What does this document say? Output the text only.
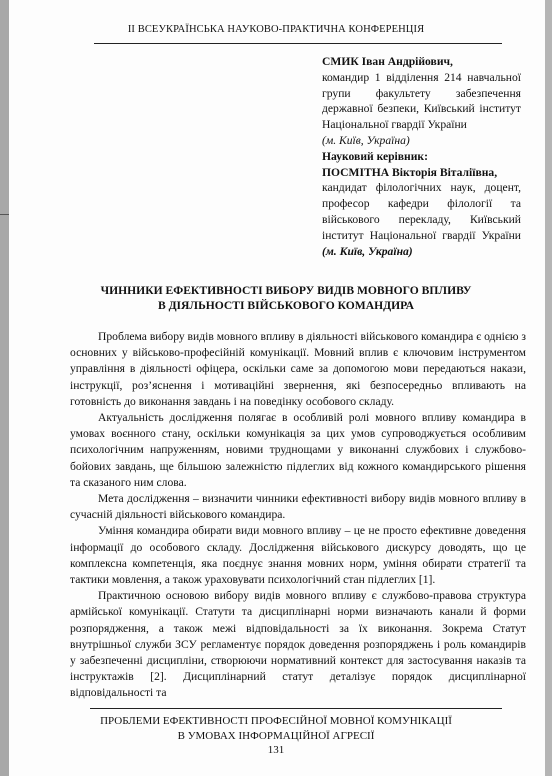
ІІ ВСЕУКРАЇНСЬКА НАУКОВО-ПРАКТИЧНА КОНФЕРЕНЦІЯ

СМИК Іван Андрійович,
командир 1 відділення 214 навчальної групи факультету забезпечення державної безпеки, Київський інститут Національної гвардії України
(м. Київ, Україна)

Науковий керівник:
ПОСМІТНА Вікторія Віталіївна,
кандидат філологічних наук, доцент, професор кафедри філології та військового перекладу, Київський інститут Національної гвардії України (м. Київ, Україна)

ЧИННИКИ ЕФЕКТИВНОСТІ ВИБОРУ ВИДІВ МОВНОГО ВПЛИВУ
В ДІЯЛЬНОСТІ ВІЙСЬКОВОГО КОМАНДИРА

Проблема вибору видів мовного впливу в діяльності військового командира є однією з основних у військово-професійній комунікації. Мовний вплив є ключовим інструментом управління в діяльності офіцера, оскільки саме за допомогою мови передаються накази, інструкції, роз’яснення і мотиваційні звернення, які безпосередньо впливають на готовність до виконання завдань і на поведінку особового складу.

Актуальність дослідження полягає в особливій ролі мовного впливу командира в умовах воєнного стану, оскільки комунікація за цих умов супроводжується особливим психологічним напруженням, новими труднощами у виконанні службових і службово-бойових завдань, ще більшою залежністю підлеглих від кожного командирського рішення та сказаного ним слова.

Мета дослідження – визначити чинники ефективності вибору видів мовного впливу в сучасній діяльності військового командира.

Уміння командира обирати види мовного впливу – це не просто ефективне доведення інформації до особового складу. Дослідження військового дискурсу доводять, що це комплексна компетенція, яка поєднує знання мовних норм, уміння обирати стратегії та тактики мовлення, а також ураховувати психологічний стан підлеглих [1].

Практичною основою вибору видів мовного впливу є службово-правова структура армійської комунікації. Статути та дисциплінарні норми визначають канали й форми розпорядження, а також межі відповідальності за їх виконання. Зокрема Статут внутрішньої служби ЗСУ регламентує порядок доведення розпоряджень і роль командирів у забезпеченні дисципліни, створюючи нормативний контекст для застосування наказів та інструктажів [2]. Дисциплінарний статут деталізує порядок дисциплінарної відповідальності та

ПРОБЛЕМИ ЕФЕКТИВНОСТІ ПРОФЕСІЙНОЇ МОВНОЇ КОМУНІКАЦІЇ
В УМОВАХ ІНФОРМАЦІЙНОЇ АГРЕСІЇ
131
